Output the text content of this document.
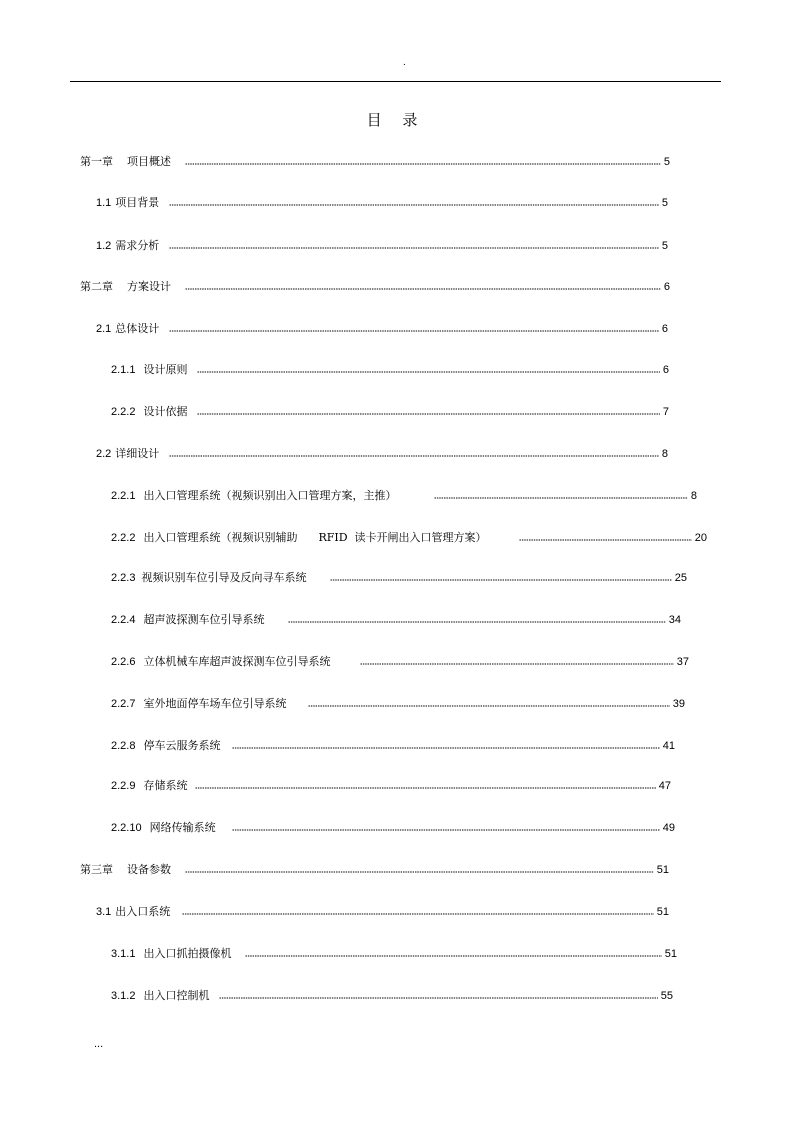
.
目 录
第一章 项目概述	5
1.1 项目背景	5
1.2 需求分析	5
第二章 方案设计	6
2.1 总体设计	6
2.1.1 设计原则	6
2.2.2 设计依据	7
2.2 详细设计	8
2.2.1 出入口管理系统（视频识别出入口管理方案，主推）	8
2.2.2 出入口管理系统（视频识别辅助      RFID  读卡开闸出入口管理方案）	20
2.2.3 视频识别车位引导及反向寻车系统	25
2.2.4 超声波探测车位引导系统	34
2.2.6 立体机械车库超声波探测车位引导系统	37
2.2.7 室外地面停车场车位引导系统	39
2.2.8 停车云服务系统	41
2.2.9 存储系统	47
2.2.10 网络传输系统	49
第三章 设备参数	51
3.1 出入口系统	51
3.1.1 出入口抓拍摄像机	51
3.1.2 出入口控制机	55
...
